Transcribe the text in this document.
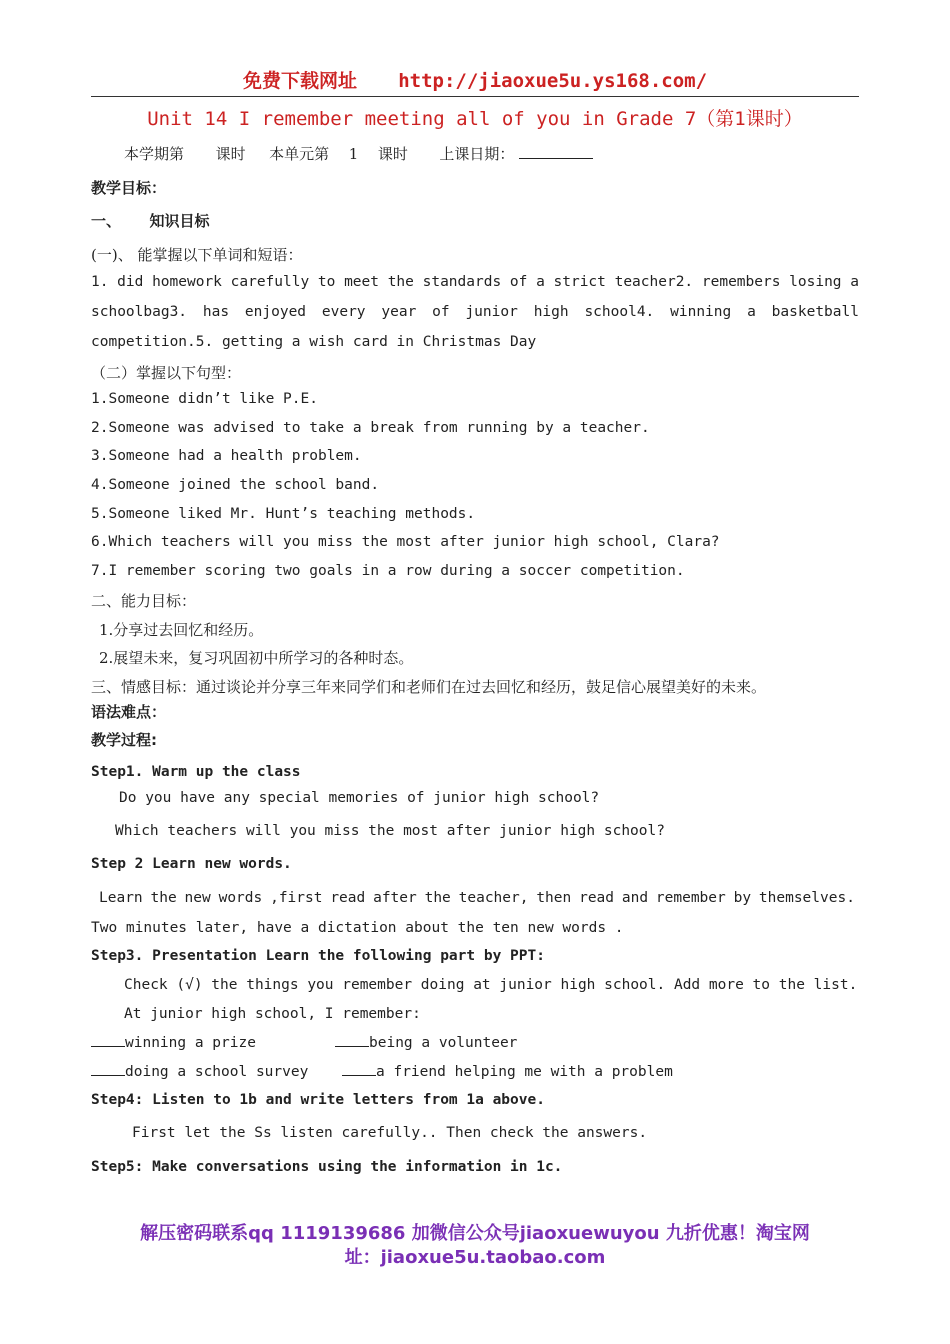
免费下载网址 http://jiaoxue5u.ys168.com/
Unit 14 I remember meeting all of you in Grade 7（第1课时）
本学期第 课时 本单元第 1 课时 上课日期：
教学目标：
一、 知识目标
(一)、 能掌握以下单词和短语：
1. did homework carefully to meet the standards of a strict teacher2. remembers losing a
schoolbag3. has enjoyed every year of junior high school4. winning a basketball
competition.5. getting a wish card in Christmas Day
（二）掌握以下句型：
1.Someone didn’t like P.E.
2.Someone was advised to take a break from running by a teacher.
3.Someone had a health problem.
4.Someone joined the school band.
5.Someone liked Mr. Hunt’s teaching methods.
6.Which teachers will you miss the most after junior high school, Clara?
7.I remember scoring two goals in a row during a soccer competition.
二、能力目标：
1.分享过去回忆和经历。
2.展望未来，复习巩固初中所学习的各种时态。
三、情感目标：通过谈论并分享三年来同学们和老师们在过去回忆和经历，鼓足信心展望美好的未来。
语法难点：
教学过程:
Step1. Warm up the class
Do you have any special memories of junior high school?
Which teachers will you miss the most after junior high school?
Step 2 Learn new words.
Learn the new words ,first read after the teacher, then read and remember by themselves.
Two minutes later, have a dictation about the ten new words .
Step3. Presentation Learn the following part by PPT:
Check (√) the things you remember doing at junior high school. Add more to the list.
At junior high school, I remember:
winning a prize	being a volunteer
doing a school survey	a friend helping me with a problem
Step4: Listen to 1b and write letters from 1a above.
First let the Ss listen carefully.. Then check the answers.
Step5: Make conversations using the information in 1c.
解压密码联系qq 1119139686 加微信公众号jiaoxuewuyou 九折优惠！淘宝网
址：jiaoxue5u.taobao.com
